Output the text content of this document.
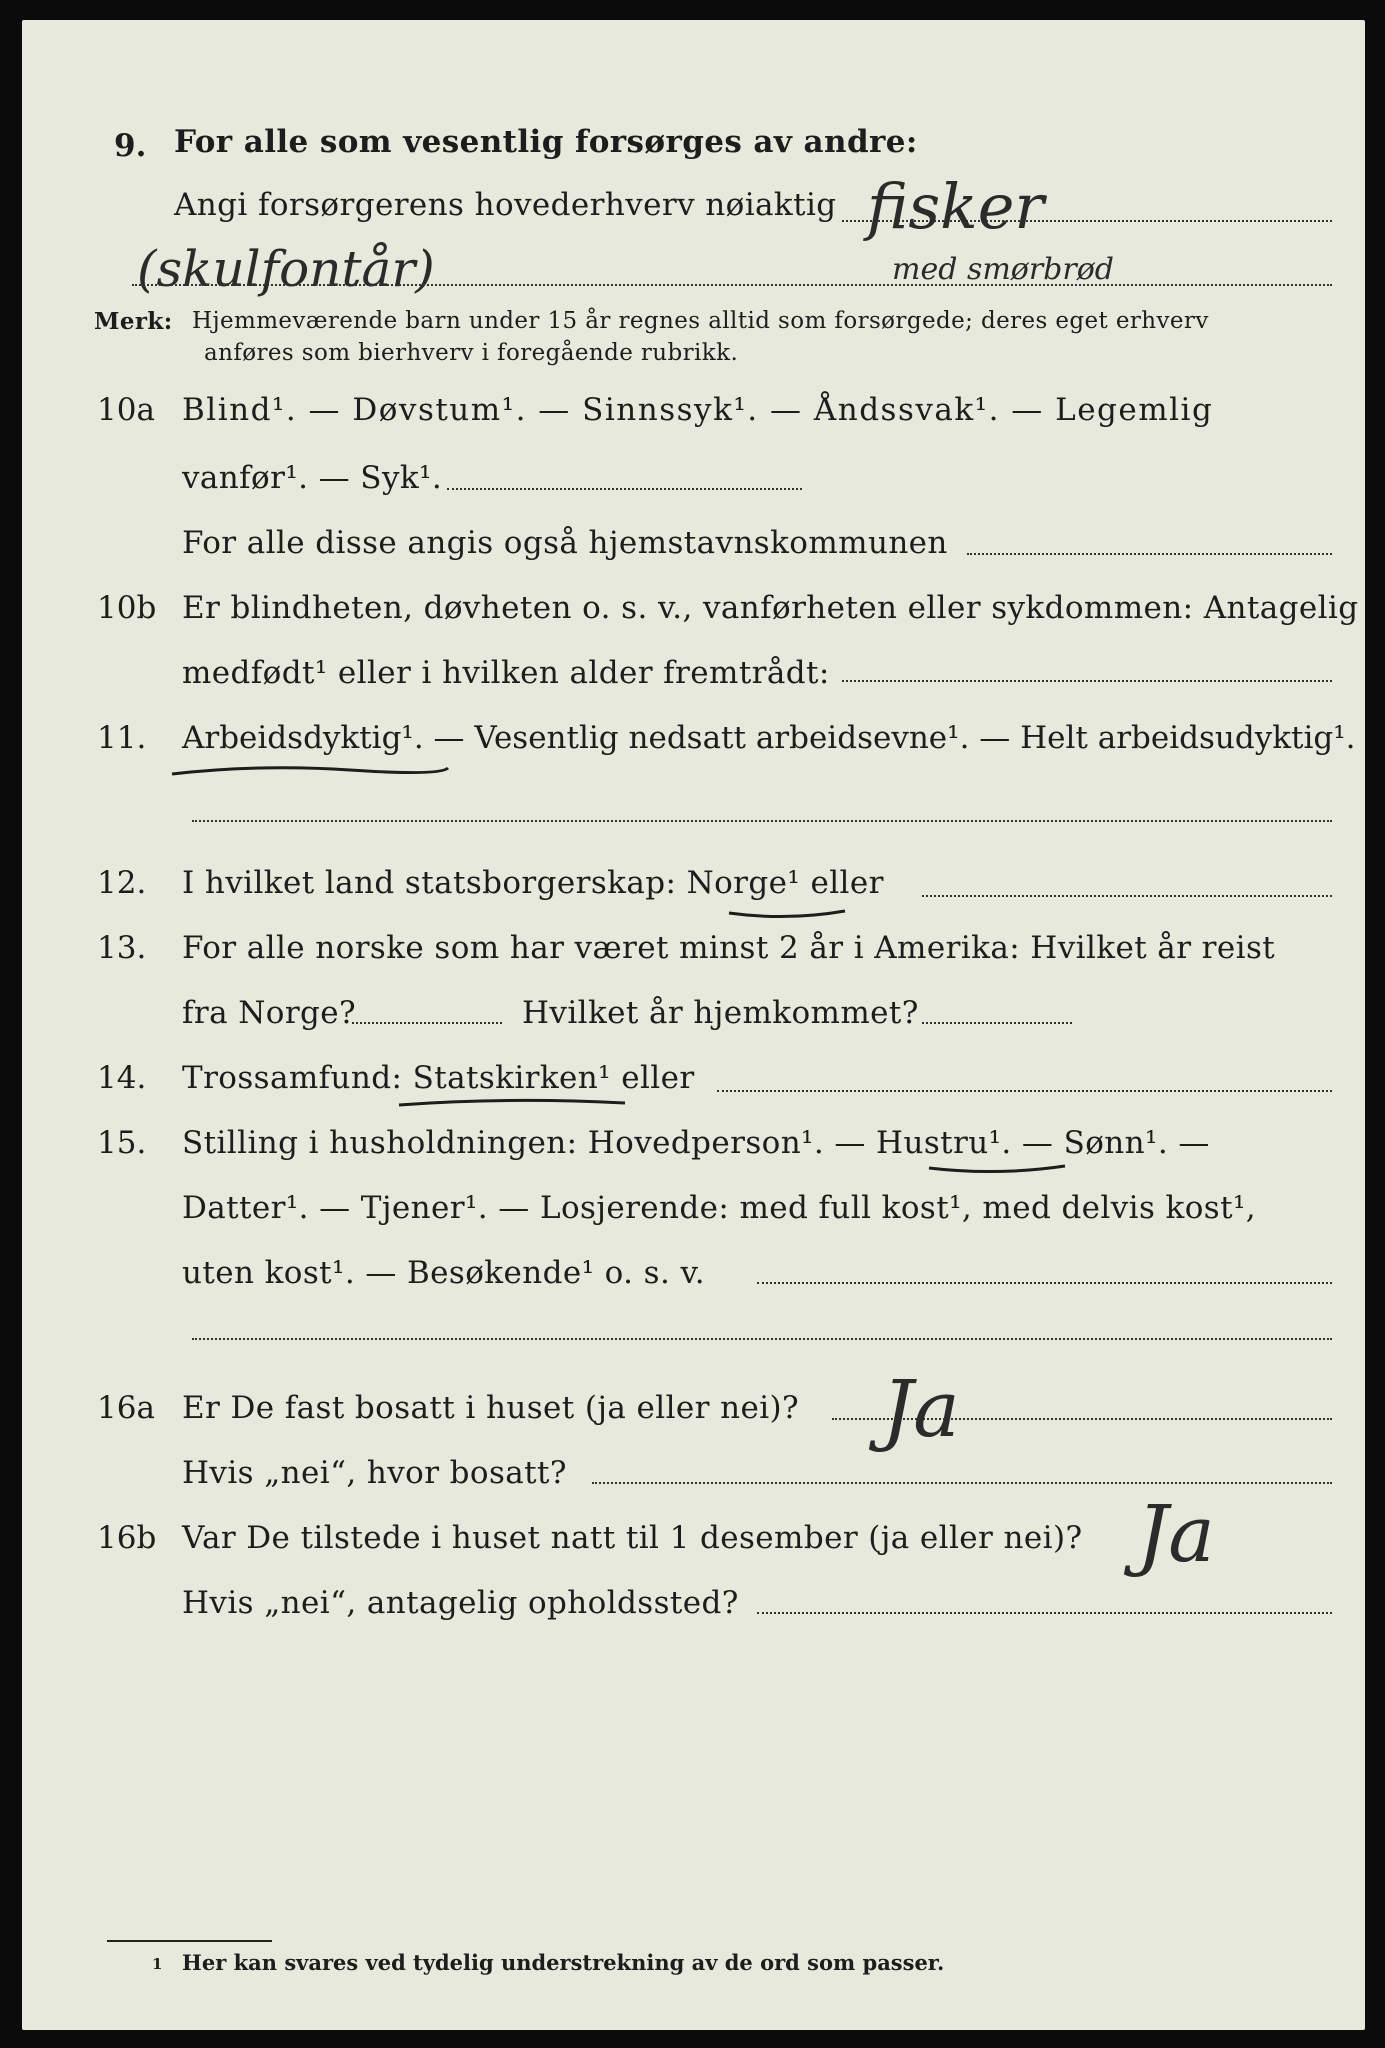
9. For alle som vesentlig forsørges av andre:
Angi forsørgerens hovederhverv nøiaktig fisker
(skulfontår)	med smørbrød
Merk: Hjemmeværende barn under 15 år regnes alltid som forsørgede; deres eget erhverv
anføres som bierhverv i foregående rubrikk.
10a Blind¹. — Døvstum¹. — Sinnssyk¹. — Åndssvak¹. — Legemlig
vanfør¹. — Syk¹.
For alle disse angis også hjemstavnskommunen
10b Er blindheten, døvheten o. s. v., vanførheten eller sykdommen: Antagelig
medfødt¹ eller i hvilken alder fremtrådt:
11. Arbeidsdyktig¹. — Vesentlig nedsatt arbeidsevne¹. — Helt arbeidsudyktig¹.
12. I hvilket land statsborgerskap: Norge¹ eller
13. For alle norske som har været minst 2 år i Amerika: Hvilket år reist
fra Norge?	Hvilket år hjemkommet?
14. Trossamfund: Statskirken¹ eller
15. Stilling i husholdningen: Hovedperson¹. — Hustru¹. — Sønn¹. —
Datter¹. — Tjener¹. — Losjerende: med full kost¹, med delvis kost¹,
uten kost¹. — Besøkende¹ o. s. v.
16a Er De fast bosatt i huset (ja eller nei)?
Hvis „nei“, hvor bosatt?
Ja
16b Var De tilstede i huset natt til 1 desember (ja eller nei)? Ja
Hvis „nei“, antagelig opholdssted?
1 Her kan svares ved tydelig understrekning av de ord som passer.
